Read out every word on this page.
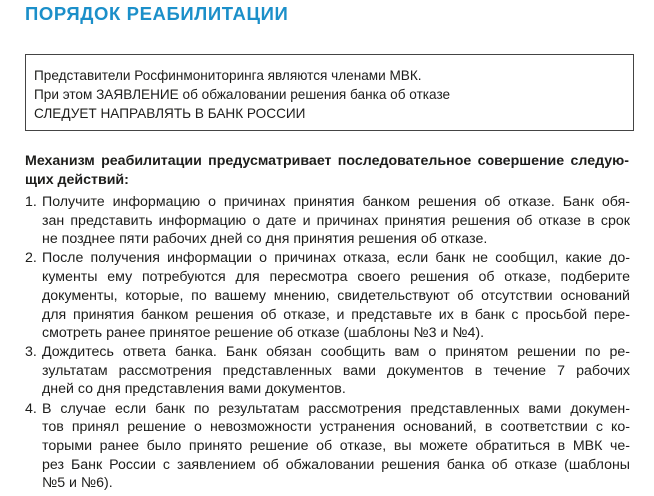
ПОРЯДОК РЕАБИЛИТАЦИИ
Представители Росфинмониторинга являются членами МВК.
При этом ЗАЯВЛЕНИЕ об обжаловании решения банка об отказе
СЛЕДУЕТ НАПРАВЛЯТЬ В БАНК РОССИИ
Механизм реабилитации предусматривает последовательное совершение следую-
щих действий:
1. Получите информацию о причинах принятия банком решения об отказе. Банк обя-
зан представить информацию о дате и причинах принятия решения об отказе в срок
не позднее пяти рабочих дней со дня принятия решения об отказе.
2. После получения информации о причинах отказа, если банк не сообщил, какие до-
кументы ему потребуются для пересмотра своего решения об отказе, подберите
документы, которые, по вашему мнению, свидетельствуют об отсутствии оснований
для принятия банком решения об отказе, и представьте их в банк с просьбой пере-
смотреть ранее принятое решение об отказе (шаблоны №3 и №4).
3. Дождитесь ответа банка. Банк обязан сообщить вам о принятом решении по ре-
зультатам рассмотрения представленных вами документов в течение 7 рабочих
дней со дня представления вами документов.
4. В случае если банк по результатам рассмотрения представленных вами докумен-
тов принял решение о невозможности устранения оснований, в соответствии с ко-
торыми ранее было принято решение об отказе, вы можете обратиться в МВК че-
рез Банк России с заявлением об обжаловании решения банка об отказе (шаблоны
№5 и №6).
